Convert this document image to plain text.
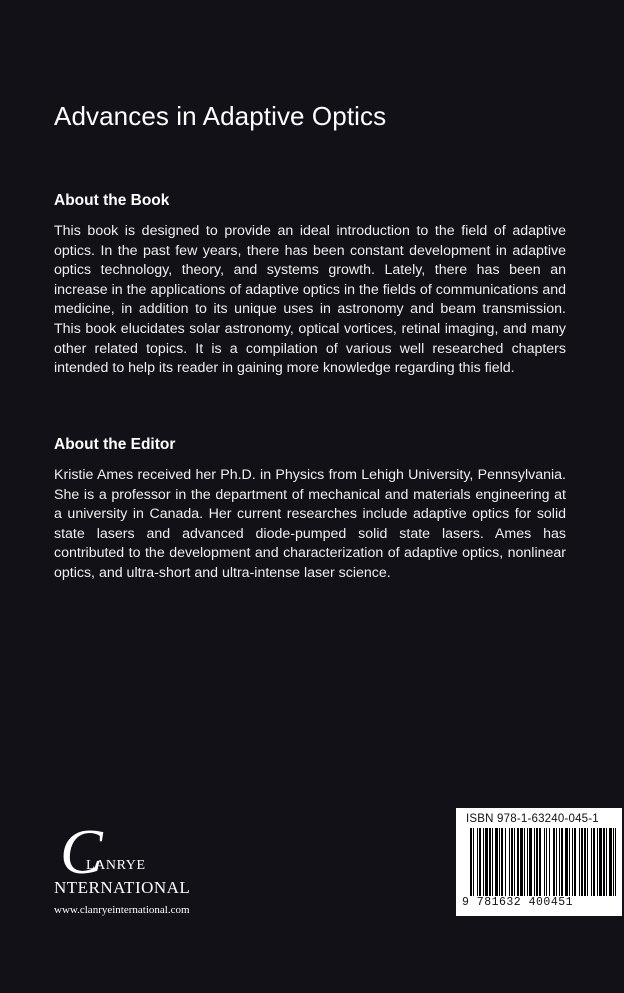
Advances in Adaptive Optics
About the Book

This book is designed to provide an ideal introduction to the field of adaptive optics. In the past few years, there has been constant development in adaptive optics technology, theory, and systems growth. Lately, there has been an increase in the applications of adaptive optics in the fields of communications and medicine, in addition to its unique uses in astronomy and beam transmission. This book elucidates solar astronomy, optical vortices, retinal imaging, and many other related topics. It is a compilation of various well researched chapters intended to help its reader in gaining more knowledge regarding this field.

About the Editor

Kristie Ames received her Ph.D. in Physics from Lehigh University, Pennsylvania. She is a professor in the department of mechanical and materials engineering at a university in Canada. Her current researches include adaptive optics for solid state lasers and advanced diode-pumped solid state lasers. Ames has contributed to the development and characterization of adaptive optics, nonlinear optics, and ultra-short and ultra-intense laser science.

C
LANRYE
NTERNATIONAL
www.clanryeinternational.com
ISBN 978-1-63240-045-1
9 781632 400451
